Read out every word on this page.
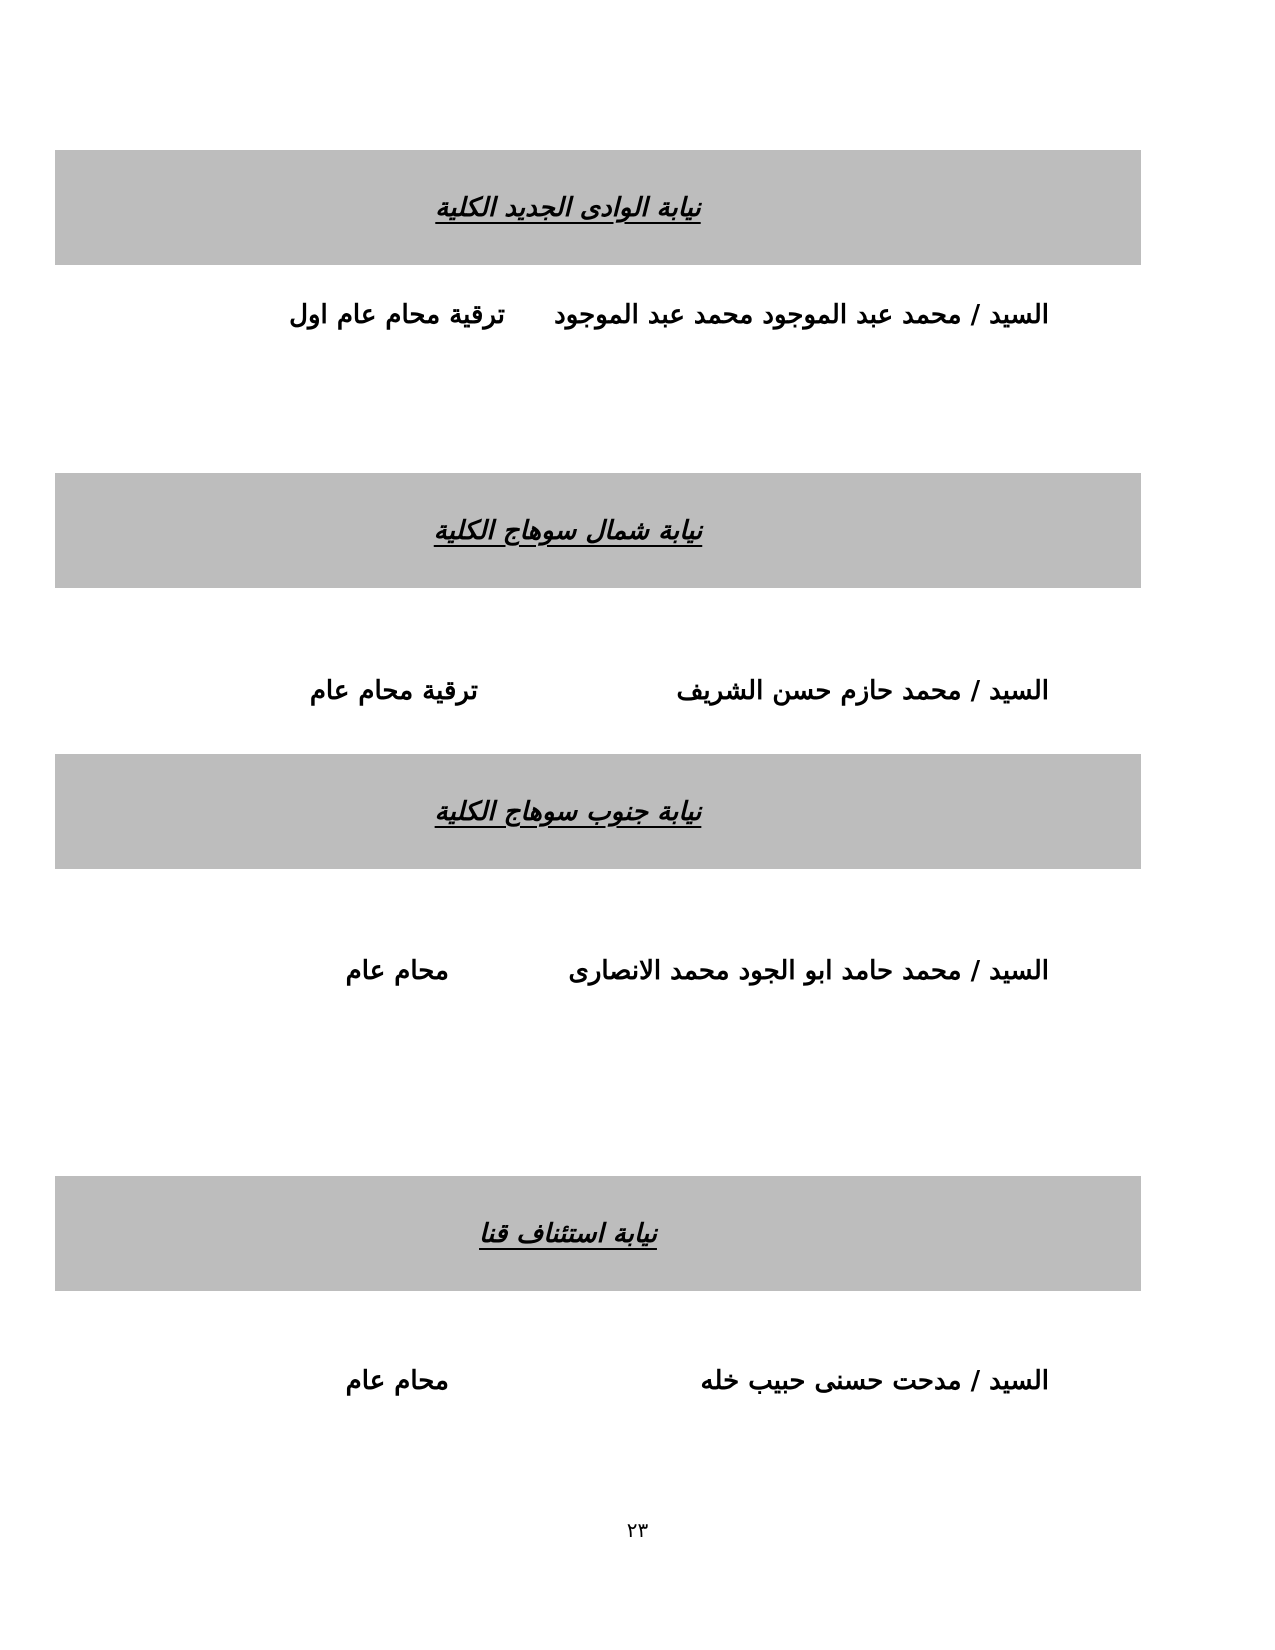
نيابة الوادى الجديد الكلية
السيد / محمد عبد الموجود محمد عبد الموجود
ترقية محام عام اول
نيابة شمال سوهاج الكلية
السيد / محمد حازم حسن الشريف
ترقية محام عام
نيابة جنوب سوهاج الكلية
السيد / محمد حامد ابو الجود محمد الانصارى
محام عام
نيابة استئناف قنا
السيد / مدحت حسنى حبيب خله
محام عام
٢٣
